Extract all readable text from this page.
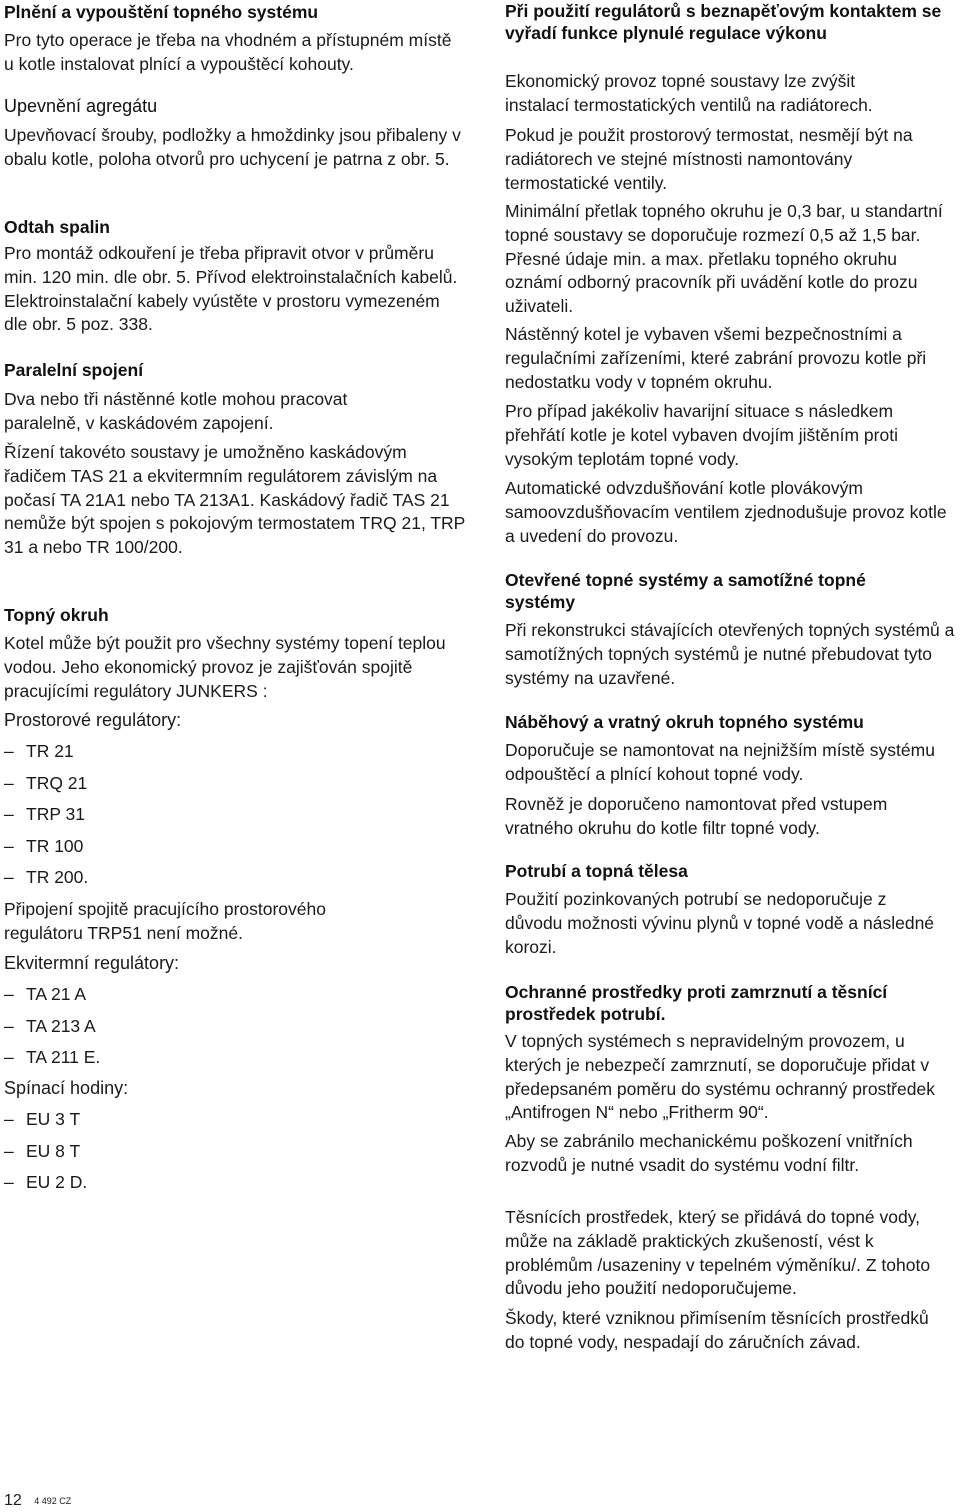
Plnění a vypouštění topného systému

Pro tyto operace je třeba na vhodném a přístupném místě u kotle instalovat plnící a vypouštěcí kohouty.

Upevnění agregátu

Upevňovací šrouby, podložky a hmoždinky jsou přibaleny v obalu kotle, poloha otvorů pro uchycení je patrna z obr. 5.

Odtah spalin

Pro montáž odkouření je třeba připravit otvor v průměru min. 120 min. dle obr. 5. Přívod elektroinstalačních kabelů. Elektroinstalační kabely vyústěte v prostoru vymezeném dle obr. 5 poz. 338.

Paralelní spojení

Dva nebo tři nástěnné kotle mohou pracovat paralelně, v kaskádovém zapojení.

Řízení takovéto soustavy je umožněno kaskádovým řadičem TAS 21 a ekvitermním regulátorem závislým na počasí TA 21A1 nebo TA 213A1. Kaskádový řadič TAS 21 nemůže být spojen s pokojovým termostatem TRQ 21, TRP 31 a nebo TR 100/200.

Topný okruh

Kotel může být použit pro všechny systémy topení teplou vodou. Jeho ekonomický provoz je zajišťován spojitě pracujícími regulátory JUNKERS :

Prostorové regulátory:

– TR 21
– TRQ 21
– TRP 31
– TR 100
– TR 200.

Připojení spojitě pracujícího prostorového regulátoru TRP51 není možné.

Ekvitermní regulátory:

– TA 21 A
– TA 213 A
– TA 211 E.

Spínací hodiny:

– EU 3 T
– EU 8 T
– EU 2 D.
Při použití regulátorů s beznapěťovým kontaktem se vyřadí funkce plynulé regulace výkonu

Ekonomický provoz topné soustavy lze zvýšit instalací termostatických ventilů na radiátorech.

Pokud je použit prostorový termostat, nesmějí být na radiátorech ve stejné místnosti namontovány termostatické ventily.

Minimální přetlak topného okruhu je 0,3 bar, u standartní topné soustavy se doporučuje rozmezí 0,5 až 1,5 bar. Přesné údaje min. a max. přetlaku topného okruhu oznámí odborný pracovník při uvádění kotle do prozu uživateli.

Nástěnný kotel je vybaven všemi bezpečnostními a regulačními zařízeními, které zabrání provozu kotle při nedostatku vody v topném okruhu.

Pro případ jakékoliv havarijní situace s následkem přehřátí kotle je kotel vybaven dvojím jištěním proti vysokým teplotám topné vody.

Automatické odvzdušňování kotle plovákovým samoovzdušňovacím ventilem zjednodušuje provoz kotle a uvedení do provozu.

Otevřené topné systémy a samotížné topné systémy

Při rekonstrukci stávajících otevřených topných systémů a samotížných topných systémů je nutné přebudovat tyto systémy na uzavřené.

Náběhový a vratný okruh topného systému

Doporučuje se namontovat na nejnižším místě systému odpouštěcí a plnící kohout topné vody.

Rovněž je doporučeno namontovat před vstupem vratného okruhu do kotle filtr topné vody.

Potrubí a topná tělesa

Použití pozinkovaných potrubí se nedoporučuje z důvodu možnosti vývinu plynů v topné vodě a následné korozi.

Ochranné prostředky proti zamrznutí a těsnící prostředek potrubí.

V topných systémech s nepravidelným provozem, u kterých je nebezpečí zamrznutí, se doporučuje přidat v předepsaném poměru do systému ochranný prostředek „Antifrogen N“ nebo „Fritherm 90“.

Aby se zabránilo mechanickému poškození vnitřních rozvodů je nutné vsadit do systému vodní filtr.

Těsnících prostředek, který se přidává do topné vody, může na základě praktických zkušeností, vést k problémům /usazeniny v tepelném výměníku/. Z tohoto důvodu jeho použití nedoporučujeme.

Škody, které vzniknou přimísením těsnících prostředků do topné vody, nespadají do záručních závad.

12 4 492 CZ
